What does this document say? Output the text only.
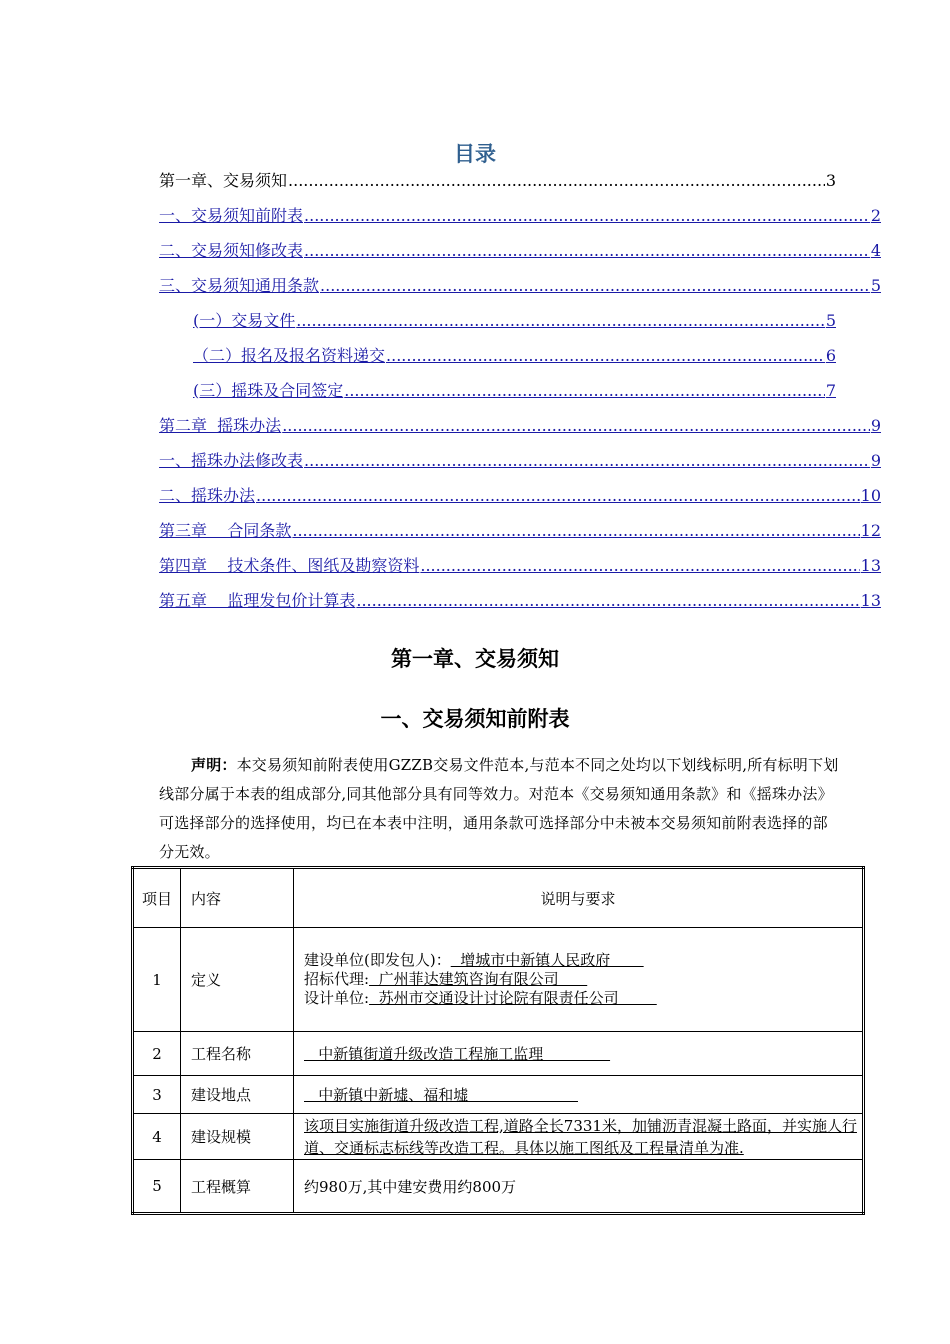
目录
第一章、交易须知 .....	3
一、交易须知前附表 .....	2
二、交易须知修改表 .....	4
三、交易须知通用条款 .....	5
(一）交易文件 .....	5
（二）报名及报名资料递交 .....	6
(三）摇珠及合同签定 .....	7
第二章  摇珠办法 .....	9
一、摇珠办法修改表 .....	9
二、摇珠办法 .....	10
第三章    合同条款 .....	12
第四章    技术条件、图纸及勘察资料 .....	13
第五章    监理发包价计算表 .....	13
第一章、交易须知
一、交易须知前附表
声明：本交易须知前附表使用GZZB交易文件范本,与范本不同之处均以下划线标明,所有标明下划线部分属于本表的组成部分,同其他部分具有同等效力。对范本《交易须知通用条款》和《摇珠办法》可选择部分的选择使用，均已在本表中注明，通用条款可选择部分中未被本交易须知前附表选择的部分无效。
项目	内容	说明与要求
1	定义	建设单位(即发包人)：  增城市中新镇人民政府
招标代理:  广州菲达建筑咨询有限公司
设计单位:  苏州市交通设计讨论院有限责任公司

2	工程名称	中新镇街道升级改造工程施工监理
3	建设地点	中新镇中新墟、福和墟
4	建设规模	该项目实施街道升级改造工程,道路全长7331米，加铺沥青混凝土路面，并实施人行道、交通标志标线等改造工程。具体以施工图纸及工程量清单为准.
5	工程概算	约980万,其中建安费用约800万
